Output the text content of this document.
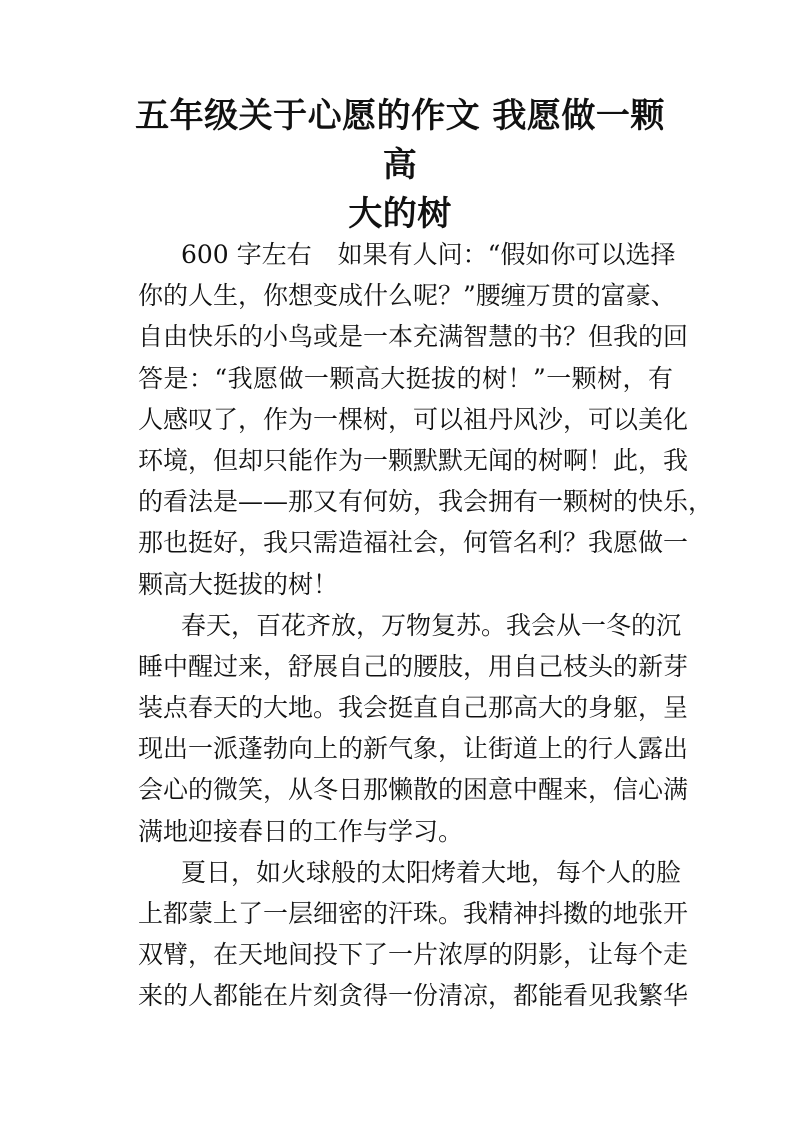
五年级关于心愿的作文 我愿做一颗高
大的树
600 字左右 如果有人问：“假如你可以选择
你的人生，你想变成什么呢？”腰缠万贯的富豪、
自由快乐的小鸟或是一本充满智慧的书？但我的回
答是：“我愿做一颗高大挺拔的树！”一颗树，有
人感叹了，作为一棵树，可以祖丹风沙，可以美化
环境，但却只能作为一颗默默无闻的树啊！此，我
的看法是——那又有何妨，我会拥有一颗树的快乐，
那也挺好，我只需造福社会，何管名利？我愿做一
颗高大挺拔的树！
春天，百花齐放，万物复苏。我会从一冬的沉
睡中醒过来，舒展自己的腰肢，用自己枝头的新芽
装点春天的大地。我会挺直自己那高大的身躯，呈
现出一派蓬勃向上的新气象，让街道上的行人露出
会心的微笑，从冬日那懒散的困意中醒来，信心满
满地迎接春日的工作与学习。
夏日，如火球般的太阳烤着大地，每个人的脸
上都蒙上了一层细密的汗珠。我精神抖擞的地张开
双臂，在天地间投下了一片浓厚的阴影，让每个走
来的人都能在片刻贪得一份清凉，都能看见我繁华
